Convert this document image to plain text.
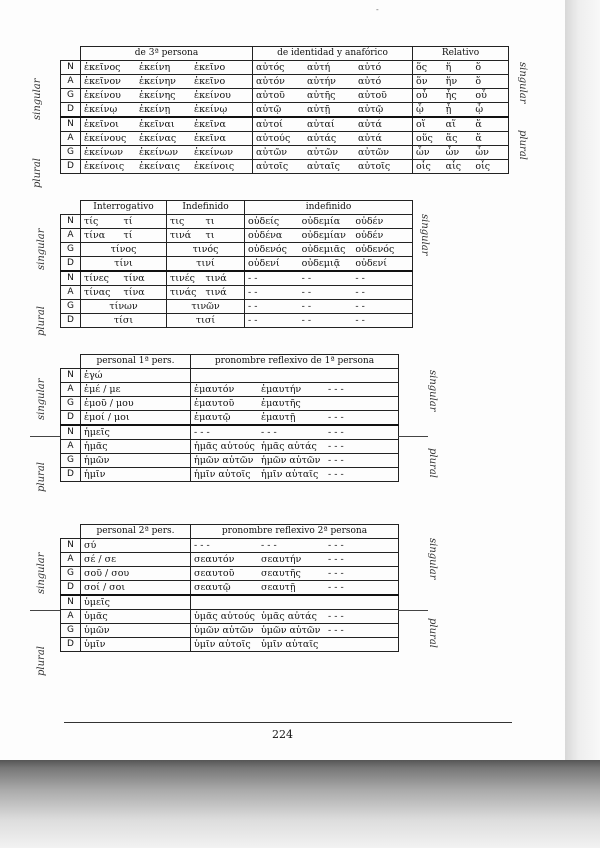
-
	de 3ª persona	de identidad y anafórico	Relativo
N	ἐκεῖνος ἐκείνη ἐκεῖνο	αὐτός αὐτή αὐτό	ὅς ἥ ὅ

A	ἐκεῖνον ἐκείνην ἐκεῖνο	αὐτόν αὐτήν αὐτό	ὅν ἥν ὅ

G	ἐκείνου ἐκείνης ἐκείνου	αὐτοῦ αὐτῆς αὐτοῦ	οὗ ἧς οὗ

D	ἐκείνῳ ἐκείνῃ ἐκείνῳ	αὐτῷ αὐτῇ αὐτῷ	ᾧ ᾗ ᾧ

N	ἐκεῖνοι ἐκεῖναι ἐκεῖνα	αὐτοί αὐταί αὐτά	οἵ αἵ ἅ

A	ἐκείνους ἐκείνας ἐκεῖνα	αὐτούς αὐτάς αὐτά	οὕς ἅς ἅ

G	ἐκείνων ἐκείνων ἐκείνων	αὐτῶν αὐτῶν αὐτῶν	ὧν ὧν ὧν

D	ἐκείνοις ἐκείναις ἐκείνοις	αὐτοῖς αὐταῖς αὐτοῖς	οἷς αἷς οἷς
	Interrogativo	Indefinido	indefinido
N	τίς τί	τις τι	οὐδείς οὐδεμία οὐδέν

A	τίνα τί	τινά τι	οὐδένα οὐδεμίαν οὐδέν

G	τίνος	τινός	οὐδενός οὐδεμιᾶς οὐδενός

D	τίνι	τινί	οὐδενί οὐδεμιᾷ οὐδενί

N	τίνες τίνα	τινές τινά	- - - - - -

A	τίνας τίνα	τινάς τινά	- - - - - -

G	τίνων	τινῶν	- - - - - -

D	τίσι	τισί	- - - - - -
	personal 1ª pers.	pronombre reflexivo de 1ª persona
N	ἐγώ	

A	ἐμέ / με	ἐμαυτόν ἐμαυτήν - - -

G	ἐμοῦ / μου	ἐμαυτοῦ ἐμαυτῆς

D	ἐμοί / μοι	ἐμαυτῷ ἐμαυτῇ - - -

N	ἡμεῖς	- - - - - - - - -

A	ἡμᾶς	ἡμᾶς αὐτούς ἡμᾶς αὐτάς - - -

G	ἡμῶν	ἡμῶν αὐτῶν ἡμῶν αὐτῶν - - -

D	ἡμῖν	ἡμῖν αὐτοῖς ἡμῖν αὐταῖς - - -
	personal 2ª pers.	pronombre reflexivo 2ª persona
N	σύ	- - - - - - - - -

A	σέ / σε	σεαυτόν σεαυτήν - - -

G	σοῦ / σου	σεαυτοῦ σεαυτῆς - - -

D	σοί / σοι	σεαυτῷ σεαυτῇ - - -

N	ὑμεῖς	

A	ὑμᾶς	ὑμᾶς αὐτούς ὑμᾶς αὐτάς - - -

G	ὑμῶν	ὑμῶν αὐτῶν ὑμῶν αὐτῶν - - -

D	ὑμῖν	ὑμῖν αὐτοῖς ὑμῖν αὐταῖς
singular
plural
singular
plural
singular
plural
singular
singular
plural
singular
plural
singular
plural
singular
plural
224
